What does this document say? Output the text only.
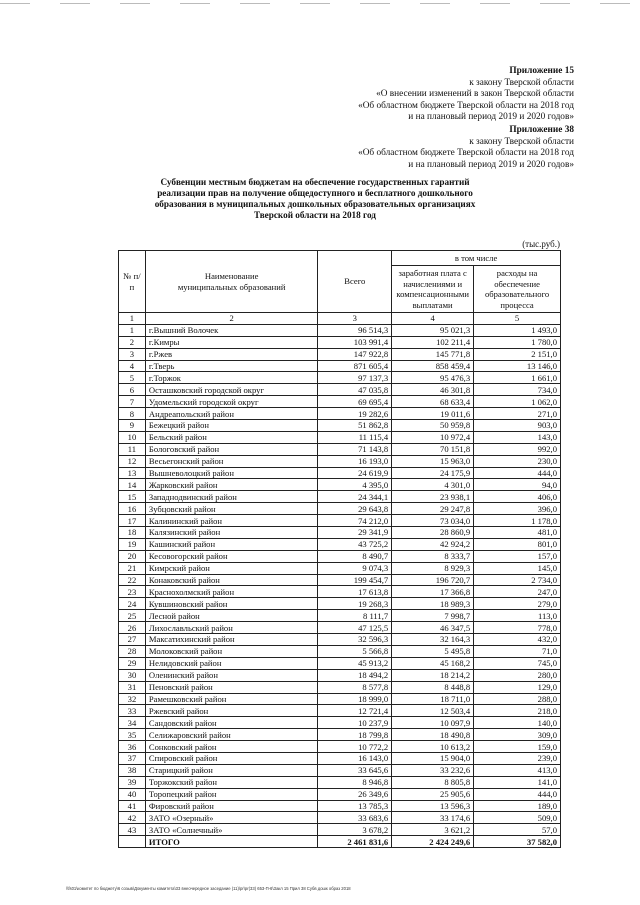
Приложение 15
к закону Тверской области
«О внесении изменений в закон Тверской области
«Об областном бюджете Тверской области на 2018 год
и на плановый период 2019 и 2020 годов»
Приложение 38
к закону Тверской области
«Об областном бюджете Тверской области на 2018 год
и на плановый период 2019 и 2020 годов»
Субвенции местным бюджетам на обеспечение государственных гарантий реализации прав на получение общедоступного и бесплатного дошкольного образования в муниципальных дошкольных образовательных организациях Тверской области на 2018 год
(тыс.руб.)
№ п/п	Наименование муниципальных образований	Всего	в том числе	
			заработная плата с начислениями и компенсационными выплатами	расходы на обеспечение образовательного процесса
1	2	3	4	5
1	г.Вышний Волочек	96 514,3	95 021,3	1 493,0
2	г.Кимры	103 991,4	102 211,4	1 780,0
3	г.Ржев	147 922,8	145 771,8	2 151,0
4	г.Тверь	871 605,4	858 459,4	13 146,0
5	г.Торжок	97 137,3	95 476,3	1 661,0
6	Осташковский городской округ	47 035,8	46 301,8	734,0
7	Удомельский городской округ	69 695,4	68 633,4	1 062,0
8	Андреапольский район	19 282,6	19 011,6	271,0
9	Бежецкий район	51 862,8	50 959,8	903,0
10	Бельский район	11 115,4	10 972,4	143,0
11	Бологовский район	71 143,8	70 151,8	992,0
12	Весьегонский район	16 193,0	15 963,0	230,0
13	Вышневолоцкий район	24 619,9	24 175,9	444,0
14	Жарковский район	4 395,0	4 301,0	94,0
15	Западнодвинский район	24 344,1	23 938,1	406,0
16	Зубцовский район	29 643,8	29 247,8	396,0
17	Калининский район	74 212,0	73 034,0	1 178,0
18	Калязинский район	29 341,9	28 860,9	481,0
19	Кашинский район	43 725,2	42 924,2	801,0
20	Кесовогорский район	8 490,7	8 333,7	157,0
21	Кимрский район	9 074,3	8 929,3	145,0
22	Конаковский район	199 454,7	196 720,7	2 734,0
23	Краснохолмский район	17 613,8	17 366,8	247,0
24	Кувшиновский район	19 268,3	18 989,3	279,0
25	Лесной район	8 111,7	7 998,7	113,0
26	Лихославльский район	47 125,5	46 347,5	778,0
27	Максатихинский район	32 596,3	32 164,3	432,0
28	Молоковский район	5 566,8	5 495,8	71,0
29	Нелидовский район	45 913,2	45 168,2	745,0
30	Оленинский район	18 494,2	18 214,2	280,0
31	Пеновский район	8 577,8	8 448,8	129,0
32	Рамешковский район	18 999,0	18 711,0	288,0
33	Ржевский район	12 721,4	12 503,4	218,0
34	Сандовский район	10 237,9	10 097,9	140,0
35	Селижаровский район	18 799,8	18 490,8	309,0
36	Сонковский район	10 772,2	10 613,2	159,0
37	Спировский район	16 143,0	15 904,0	239,0
38	Старицкий район	33 645,6	33 232,6	413,0
39	Торжокский район	8 946,8	8 805,8	141,0
40	Торопецкий район	26 349,6	25 905,6	444,0
41	Фировский район	13 785,3	13 596,3	189,0
42	ЗАТО «Озерный»	33 683,6	33 174,6	509,0
43	ЗАТО «Солнечный»	3 678,2	3 621,2	57,0
	ИТОГО	2 461 831,6	2 424 249,6	37 582,0
\\fs01\комитет по бюджету\6 созыв\Документы комитета\33 внеочередное заседание (11)\pr\pr(33) 653-П-6\Закл 15 Прил 38 Субв дошк образ 2018
